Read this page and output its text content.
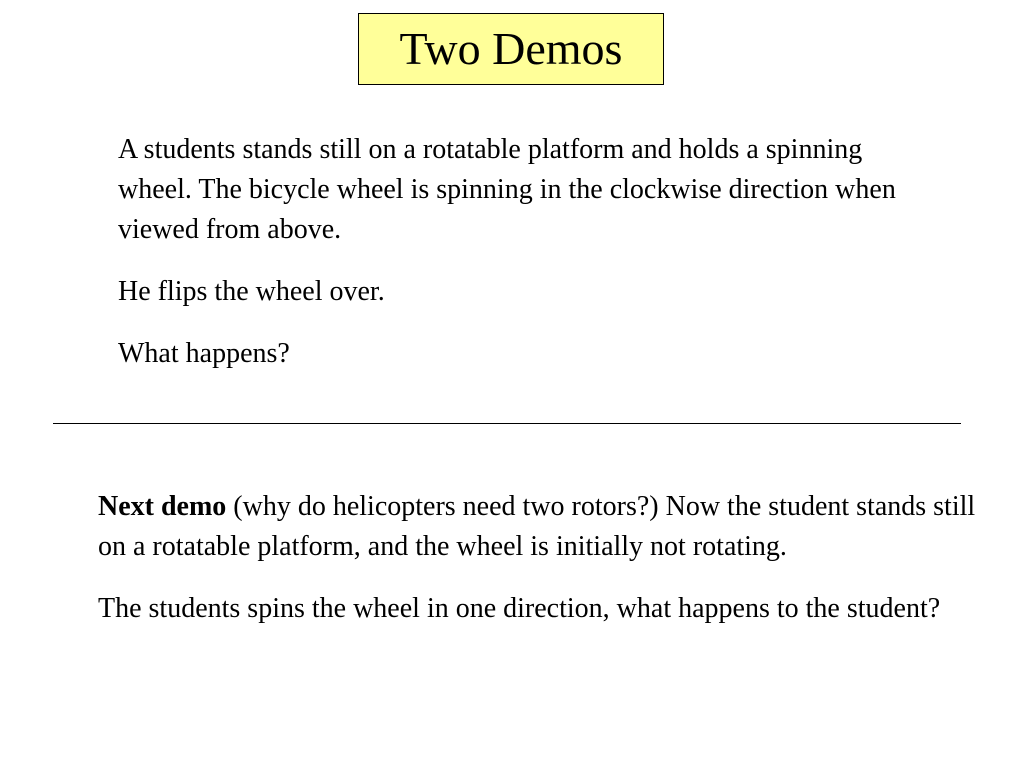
Two Demos

A students stands still on a rotatable platform and holds a spinning wheel. The bicycle wheel is spinning in the clockwise direction when viewed from above.

He flips the wheel over.

What happens?

Next demo (why do helicopters need two rotors?) Now the student stands still on a rotatable platform, and the wheel is initially not rotating.

The students spins the wheel in one direction, what happens to the student?
